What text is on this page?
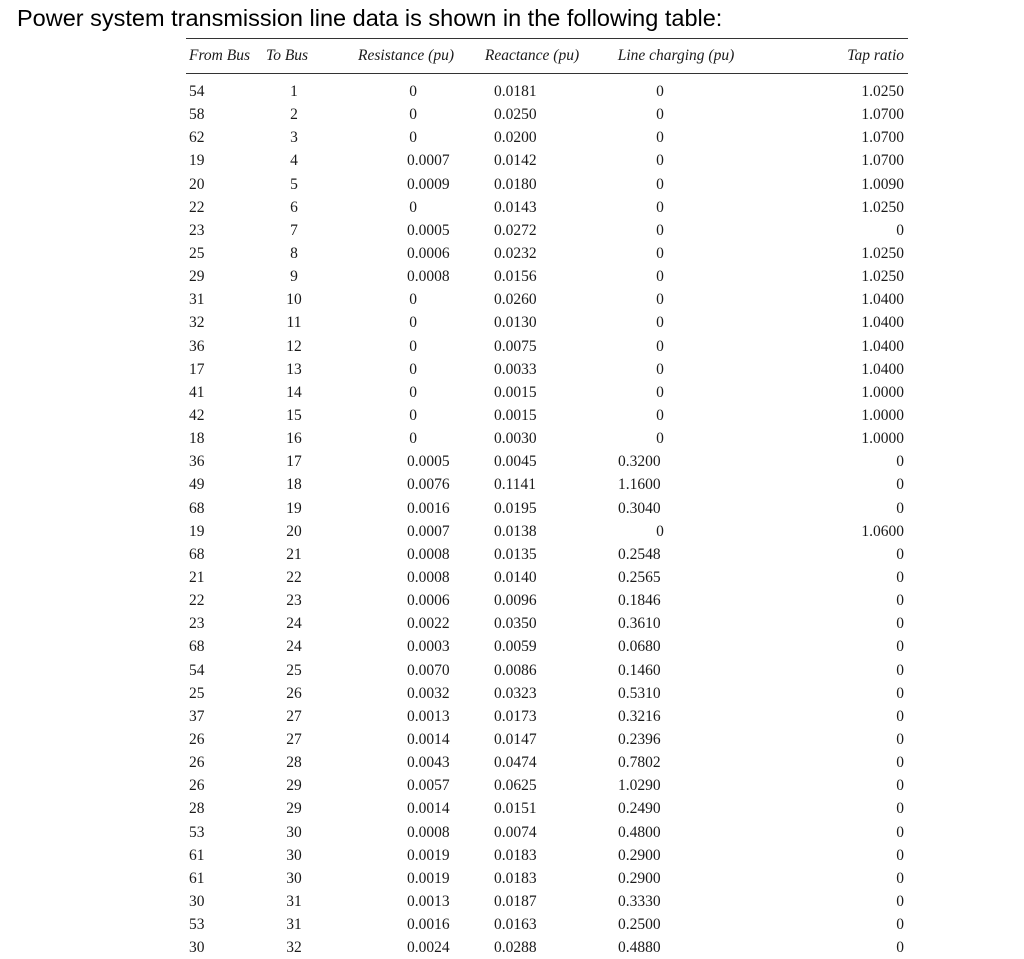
Power system transmission line data is shown in the following table:
From Bus	To Bus	Resistance (pu)	Reactance (pu)	Line charging (pu)	Tap ratio
54	1	0	0.0181	0	1.0250
58	2	0	0.0250	0	1.0700
62	3	0	0.0200	0	1.0700
19	4	0.0007	0.0142	0	1.0700
20	5	0.0009	0.0180	0	1.0090
22	6	0	0.0143	0	1.0250
23	7	0.0005	0.0272	0	0
25	8	0.0006	0.0232	0	1.0250
29	9	0.0008	0.0156	0	1.0250
31	10	0	0.0260	0	1.0400
32	11	0	0.0130	0	1.0400
36	12	0	0.0075	0	1.0400
17	13	0	0.0033	0	1.0400
41	14	0	0.0015	0	1.0000
42	15	0	0.0015	0	1.0000
18	16	0	0.0030	0	1.0000
36	17	0.0005	0.0045	0.3200	0
49	18	0.0076	0.1141	1.1600	0
68	19	0.0016	0.0195	0.3040	0
19	20	0.0007	0.0138	0	1.0600
68	21	0.0008	0.0135	0.2548	0
21	22	0.0008	0.0140	0.2565	0
22	23	0.0006	0.0096	0.1846	0
23	24	0.0022	0.0350	0.3610	0
68	24	0.0003	0.0059	0.0680	0
54	25	0.0070	0.0086	0.1460	0
25	26	0.0032	0.0323	0.5310	0
37	27	0.0013	0.0173	0.3216	0
26	27	0.0014	0.0147	0.2396	0
26	28	0.0043	0.0474	0.7802	0
26	29	0.0057	0.0625	1.0290	0
28	29	0.0014	0.0151	0.2490	0
53	30	0.0008	0.0074	0.4800	0
61	30	0.0019	0.0183	0.2900	0
61	30	0.0019	0.0183	0.2900	0
30	31	0.0013	0.0187	0.3330	0
53	31	0.0016	0.0163	0.2500	0
30	32	0.0024	0.0288	0.4880	0
